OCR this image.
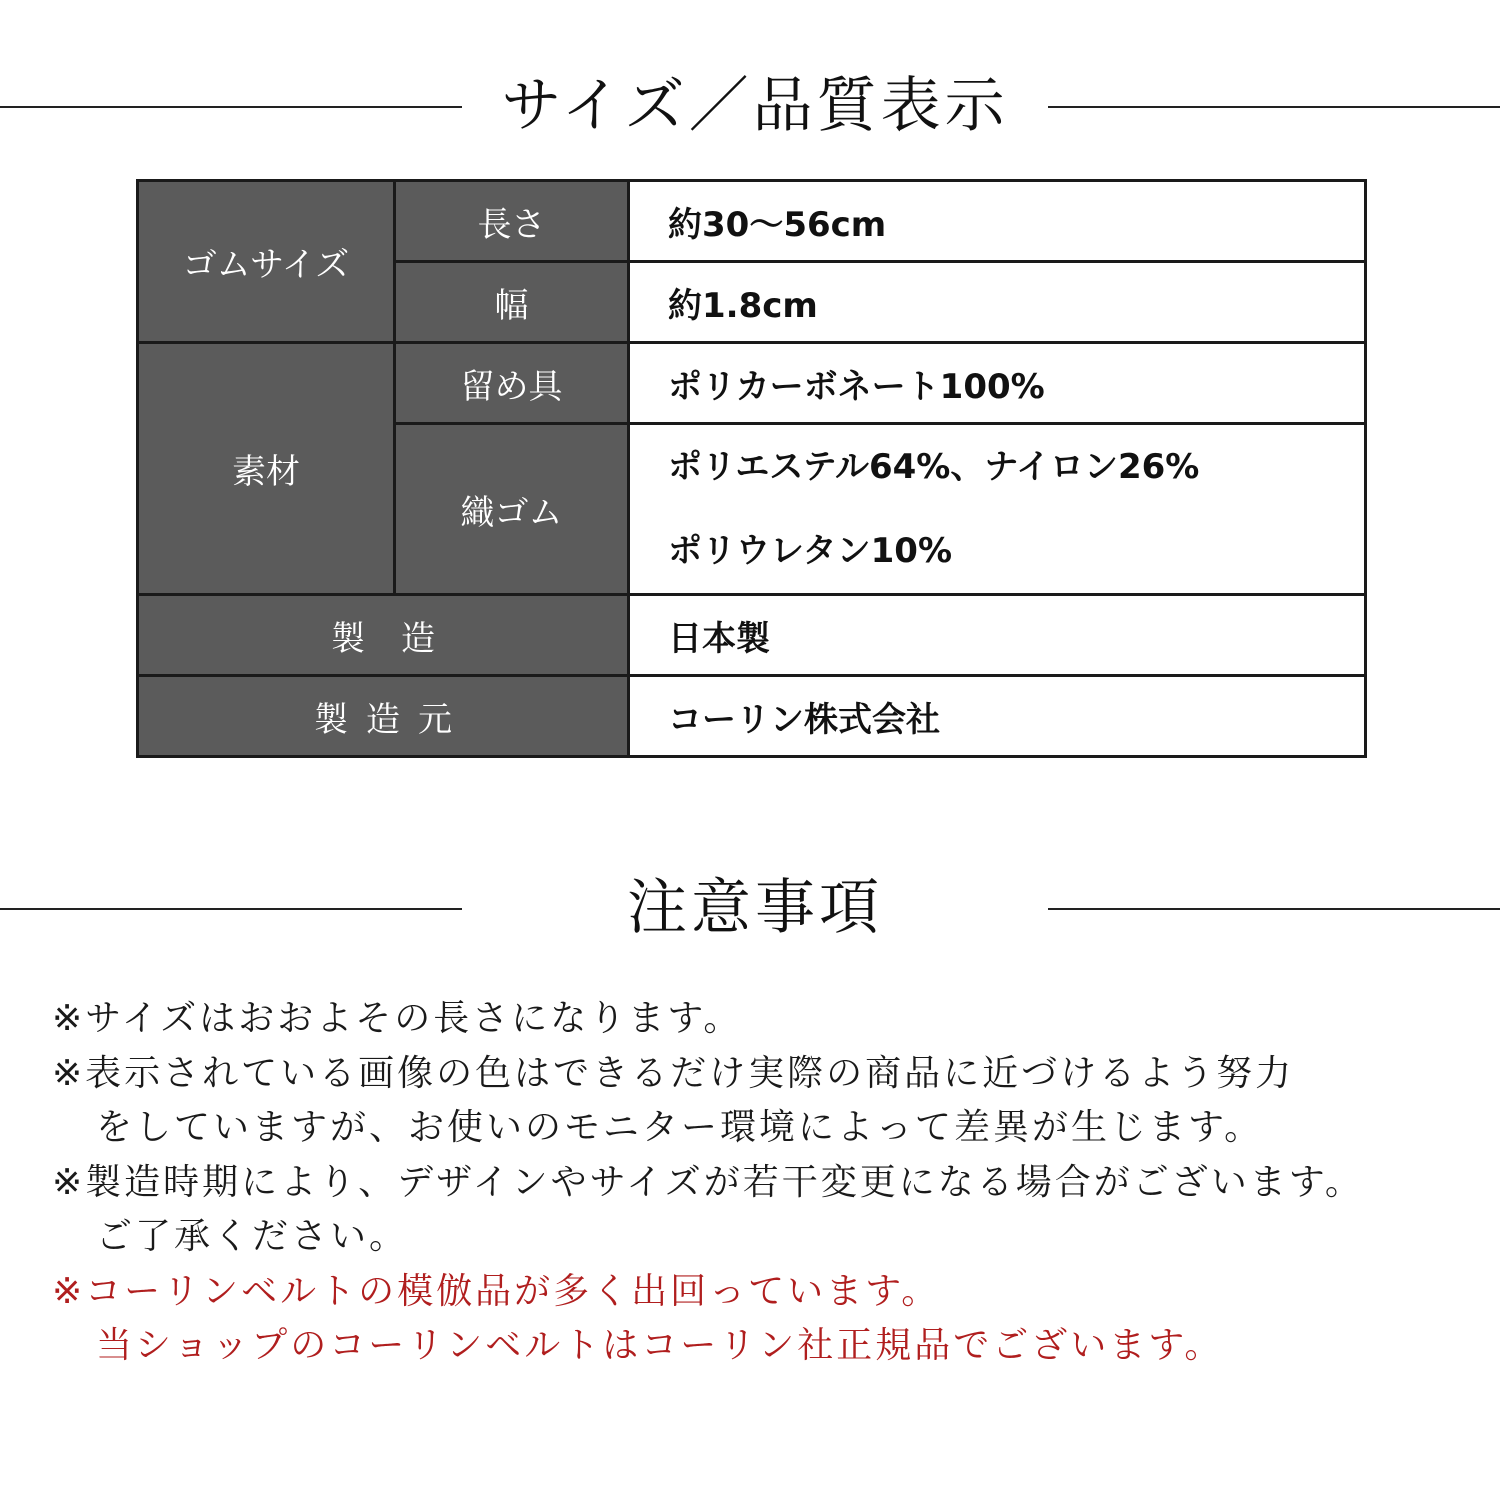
サイズ／品質表示
ゴムサイズ	長さ	約30〜56cm
	幅	約1.8cm
素材	留め具	ポリカーボネート100%
	織ゴム	ポリエステル64%、ナイロン26%
ポリウレタン10%

製造		日本製
製造元		コーリン株式会社
注意事項
※サイズはおおよその長さになります。
※表示されている画像の色はできるだけ実際の商品に近づけるよう努力
をしていますが、お使いのモニター環境によって差異が生じます。
※製造時期により、デザインやサイズが若干変更になる場合がございます。
ご了承ください。
※コーリンベルトの模倣品が多く出回っています。
当ショップのコーリンベルトはコーリン社正規品でございます。
